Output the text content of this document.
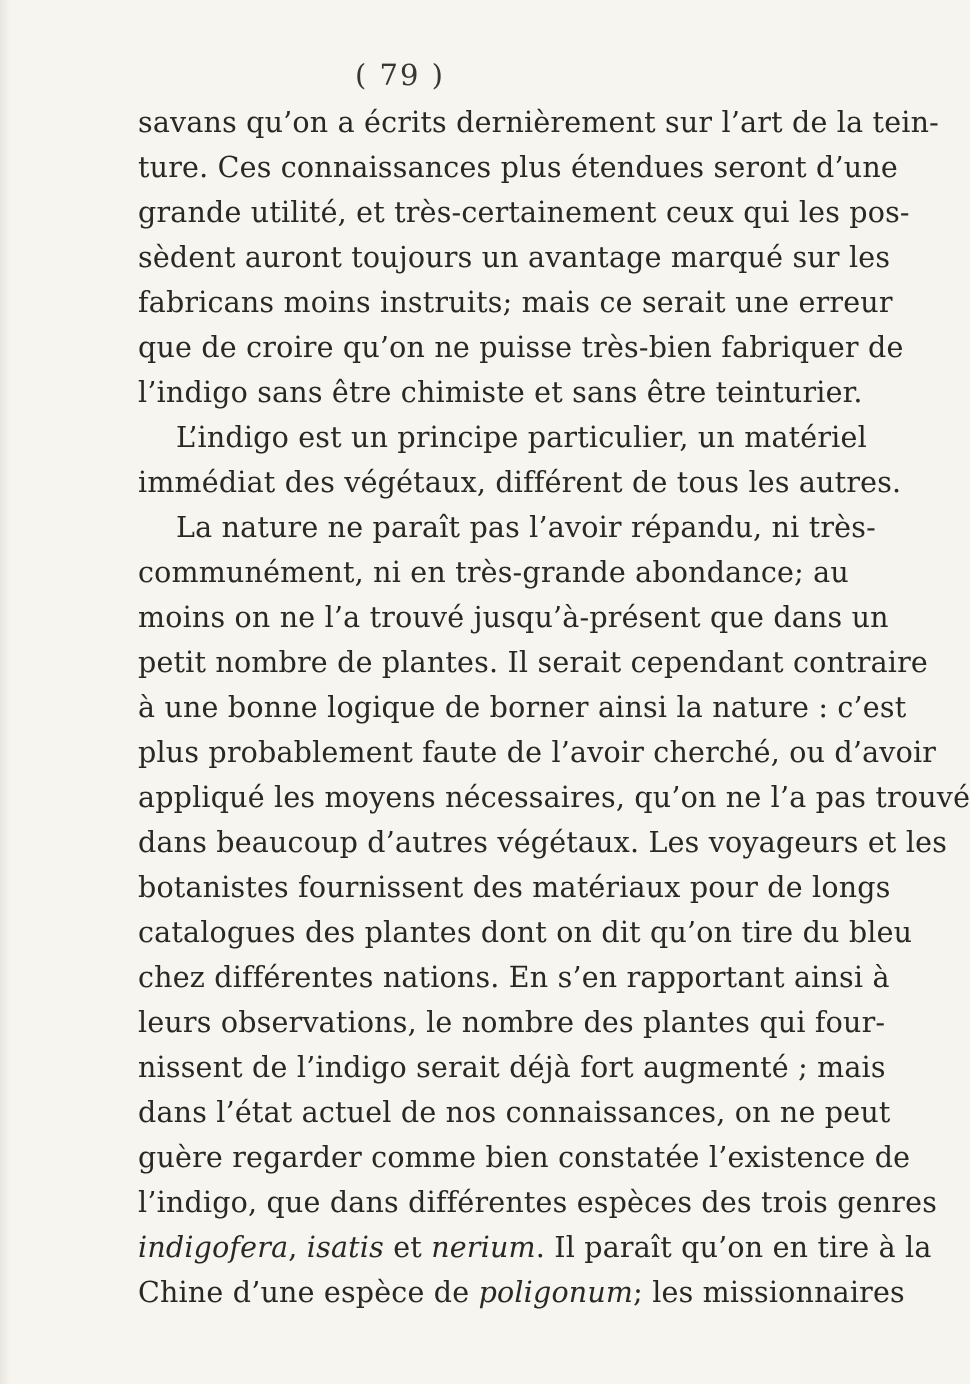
( 79 )
savans qu’on a écrits dernièrement sur l’art de la tein-
ture. Ces connaissances plus étendues seront d’une
grande utilité, et très-certainement ceux qui les pos-
sèdent auront toujours un avantage marqué sur les
fabricans moins instruits; mais ce serait une erreur
que de croire qu’on ne puisse très-bien fabriquer de
l’indigo sans être chimiste et sans être teinturier.
L’indigo est un principe particulier, un matériel
immédiat des végétaux, différent de tous les autres.
La nature ne paraît pas l’avoir répandu, ni très-
communément, ni en très-grande abondance; au
moins on ne l’a trouvé jusqu’à-présent que dans un
petit nombre de plantes. Il serait cependant contraire
à une bonne logique de borner ainsi la nature : c’est
plus probablement faute de l’avoir cherché, ou d’avoir
appliqué les moyens nécessaires, qu’on ne l’a pas trouvé
dans beaucoup d’autres végétaux. Les voyageurs et les
botanistes fournissent des matériaux pour de longs
catalogues des plantes dont on dit qu’on tire du bleu
chez différentes nations. En s’en rapportant ainsi à
leurs observations, le nombre des plantes qui four-
nissent de l’indigo serait déjà fort augmenté ; mais
dans l’état actuel de nos connaissances, on ne peut
guère regarder comme bien constatée l’existence de
l’indigo, que dans différentes espèces des trois genres
indigofera, isatis et nerium. Il paraît qu’on en tire à la
Chine d’une espèce de poligonum; les missionnaires
